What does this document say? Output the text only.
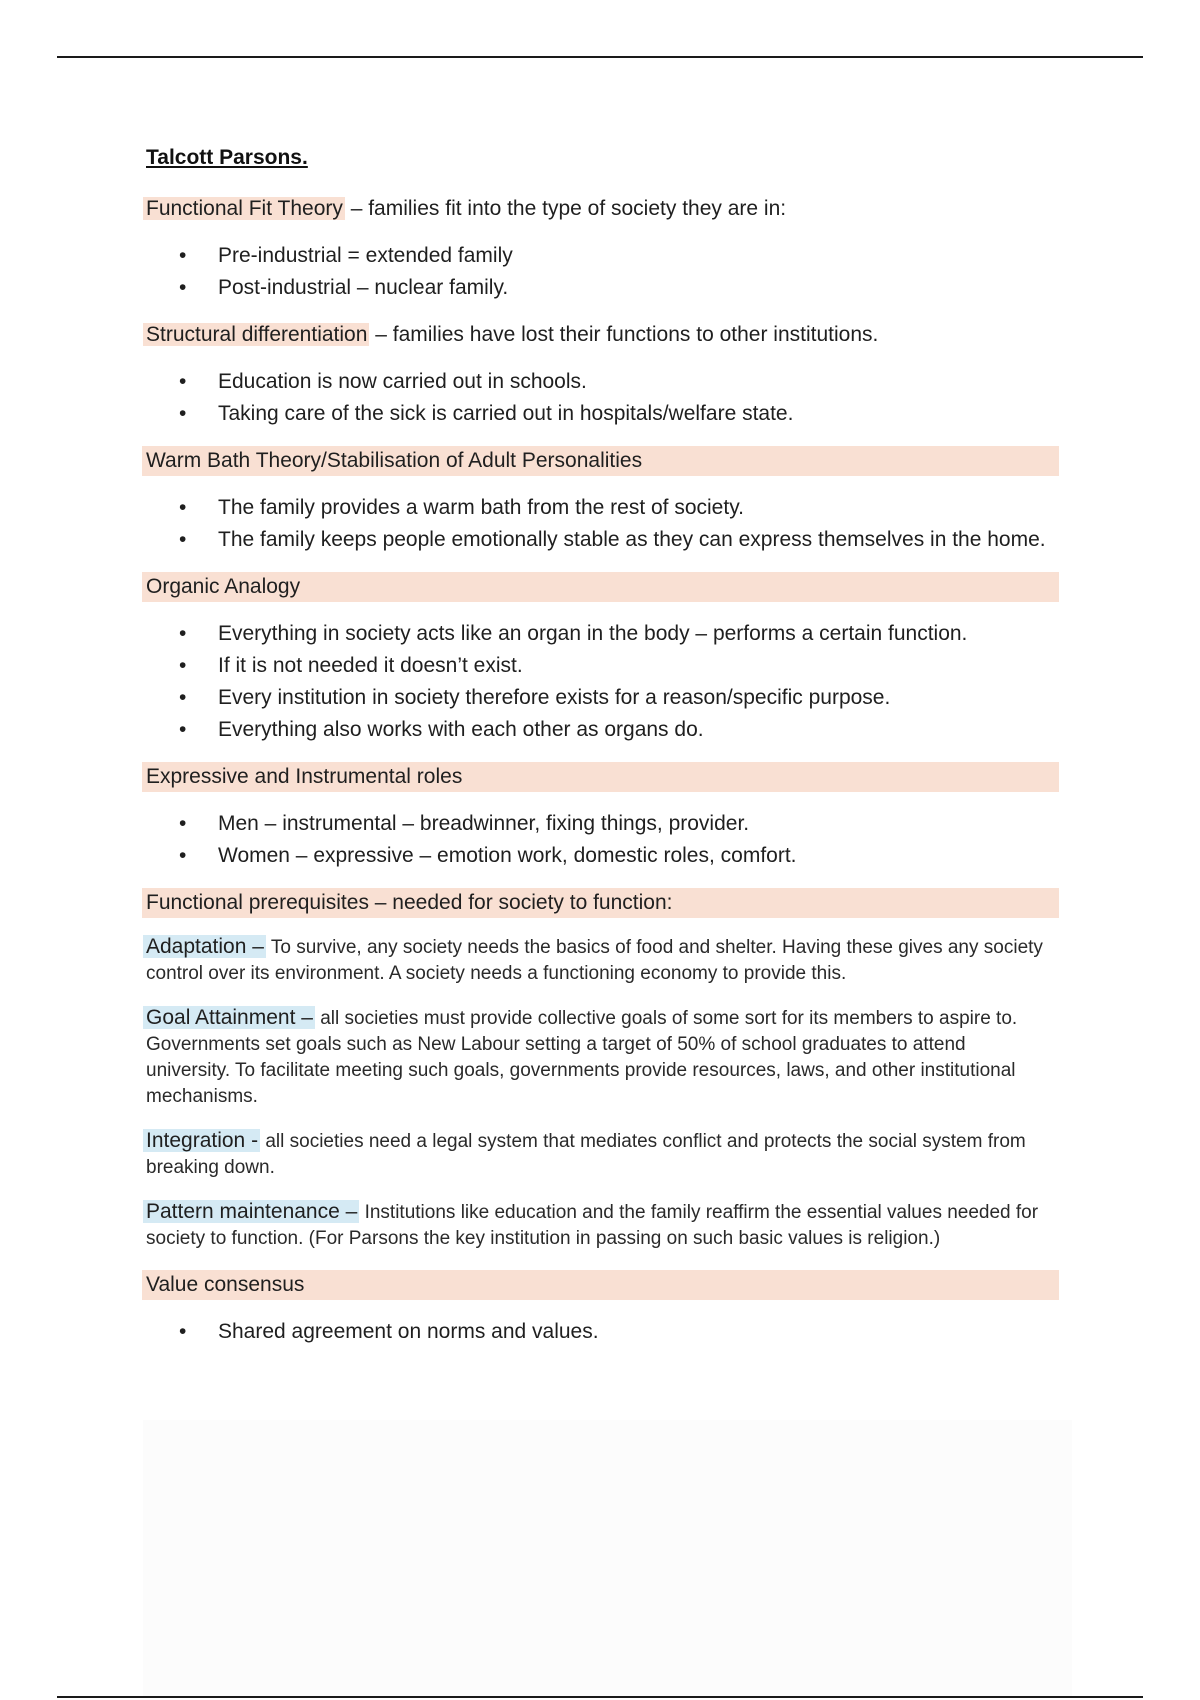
Talcott Parsons.
Functional Fit Theory – families fit into the type of society they are in:
• Pre-industrial = extended family
• Post-industrial – nuclear family.
Structural differentiation – families have lost their functions to other institutions.
• Education is now carried out in schools.
• Taking care of the sick is carried out in hospitals/welfare state.
Warm Bath Theory/Stabilisation of Adult Personalities
• The family provides a warm bath from the rest of society.
• The family keeps people emotionally stable as they can express themselves in the home.
Organic Analogy
• Everything in society acts like an organ in the body – performs a certain function.
• If it is not needed it doesn’t exist.
• Every institution in society therefore exists for a reason/specific purpose.
• Everything also works with each other as organs do.
Expressive and Instrumental roles
• Men – instrumental – breadwinner, fixing things, provider.
• Women – expressive – emotion work, domestic roles, comfort.
Functional prerequisites – needed for society to function:
Adaptation – To survive, any society needs the basics of food and shelter. Having these gives any society control over its environment. A society needs a functioning economy to provide this.
Goal Attainment – all societies must provide collective goals of some sort for its members to aspire to. Governments set goals such as New Labour setting a target of 50% of school graduates to attend university. To facilitate meeting such goals, governments provide resources, laws, and other institutional mechanisms.
Integration - all societies need a legal system that mediates conflict and protects the social system from breaking down.
Pattern maintenance – Institutions like education and the family reaffirm the essential values needed for society to function. (For Parsons the key institution in passing on such basic values is religion.)
Value consensus
• Shared agreement on norms and values.
